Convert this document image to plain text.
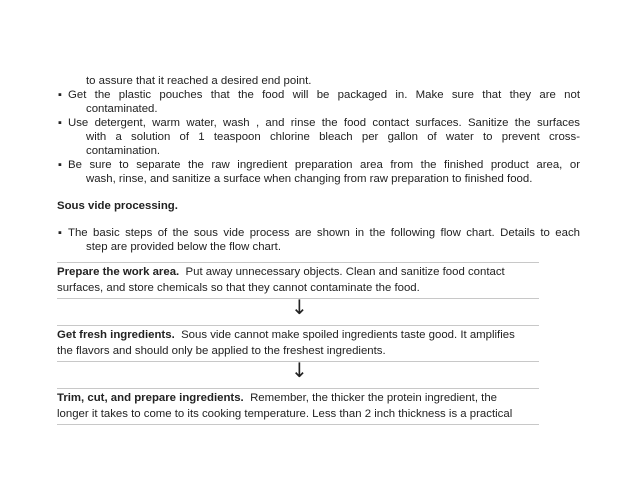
to assure that it reached a desired end point.
▪ Get the plastic pouches that the food will be packaged in. Make sure that they are not
contaminated.
▪ Use detergent, warm water, wash , and rinse the food contact surfaces. Sanitize the surfaces
with a solution of 1 teaspoon chlorine bleach per gallon of water to prevent cross-
contamination.
▪ Be sure to separate the raw ingredient preparation area from the finished product area, or
wash, rinse, and sanitize a surface when changing from raw preparation to finished food.
Sous vide processing.
▪ The basic steps of the sous vide process are shown in the following flow chart. Details to each
step are provided below the flow chart.
Prepare the work area. Put away unnecessary objects. Clean and sanitize food contact
surfaces, and store chemicals so that they cannot contaminate the food.
↓
Get fresh ingredients. Sous vide cannot make spoiled ingredients taste good. It amplifies
the flavors and should only be applied to the freshest ingredients.
↓
Trim, cut, and prepare ingredients. Remember, the thicker the protein ingredient, the
longer it takes to come to its cooking temperature. Less than 2 inch thickness is a practical
